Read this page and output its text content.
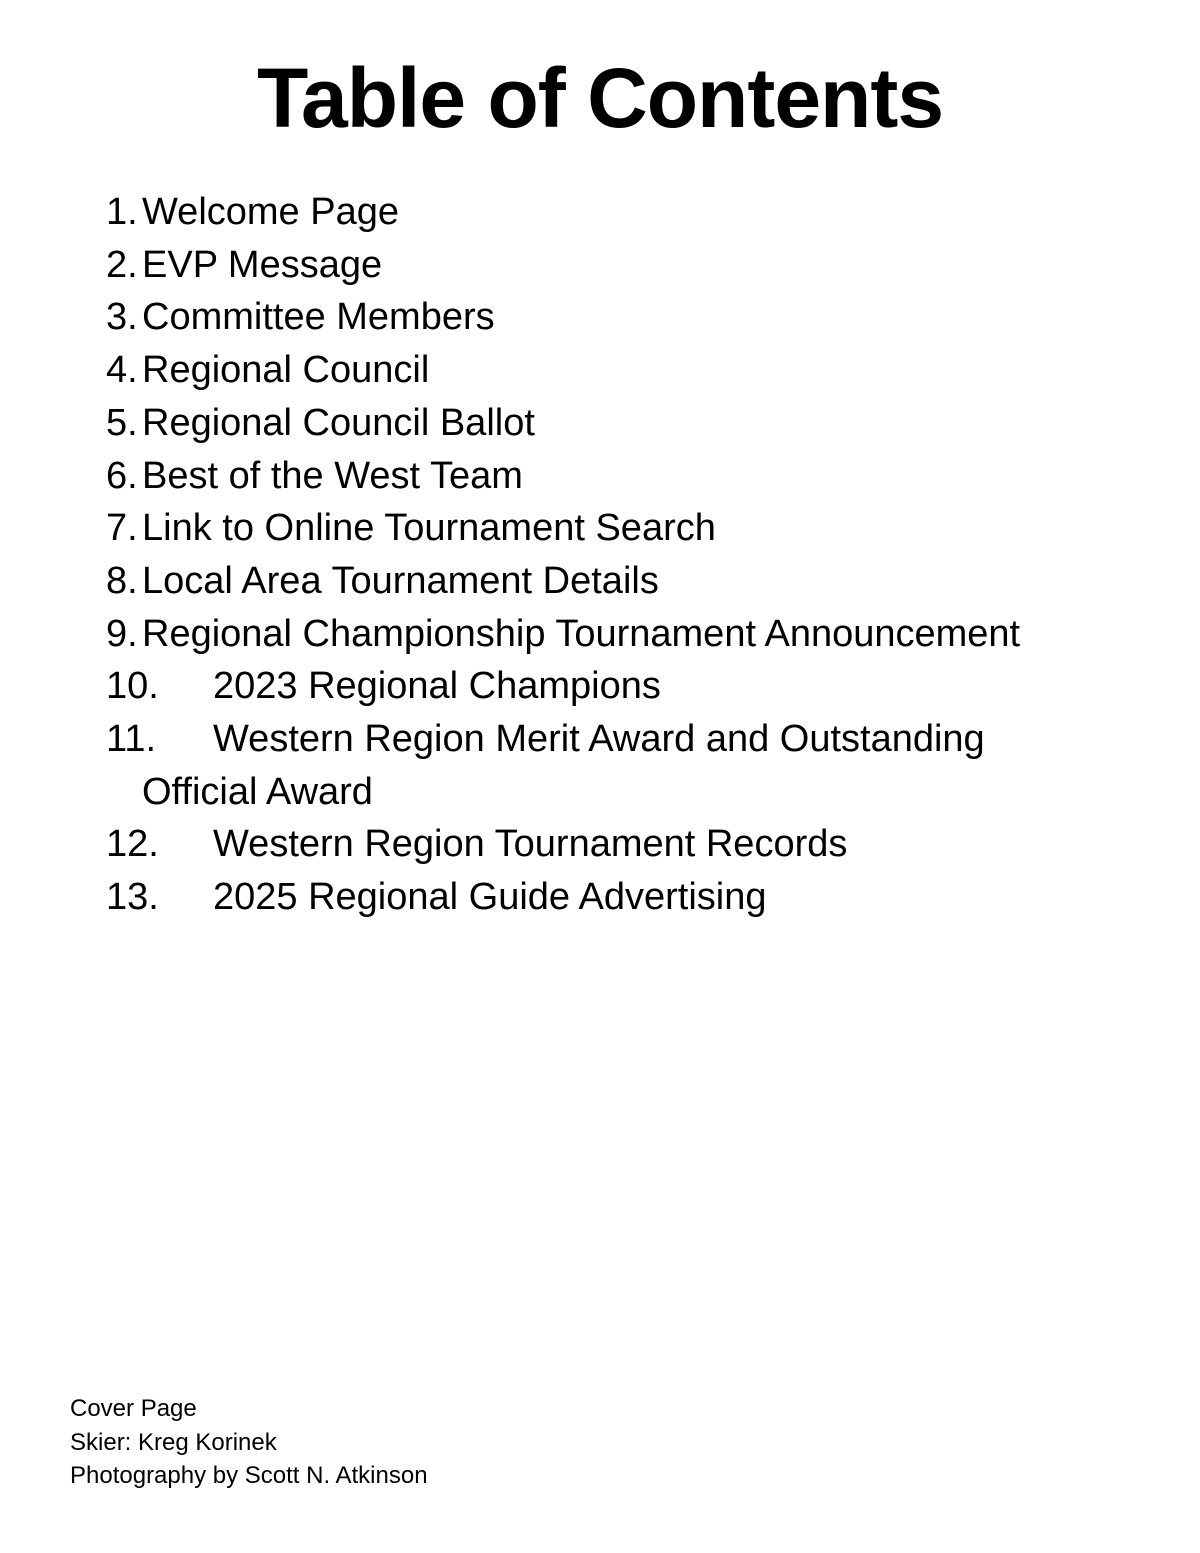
Table of Contents
1. Welcome Page
2. EVP Message
3. Committee Members
4. Regional Council
5. Regional Council Ballot
6. Best of the West Team
7. Link to Online Tournament Search
8. Local Area Tournament Details
9. Regional Championship Tournament Announcement
10. 2023 Regional Champions
11. Western Region Merit Award and Outstanding
Official Award
12. Western Region Tournament Records
13. 2025 Regional Guide Advertising
Cover Page
Skier: Kreg Korinek
Photography by Scott N. Atkinson
